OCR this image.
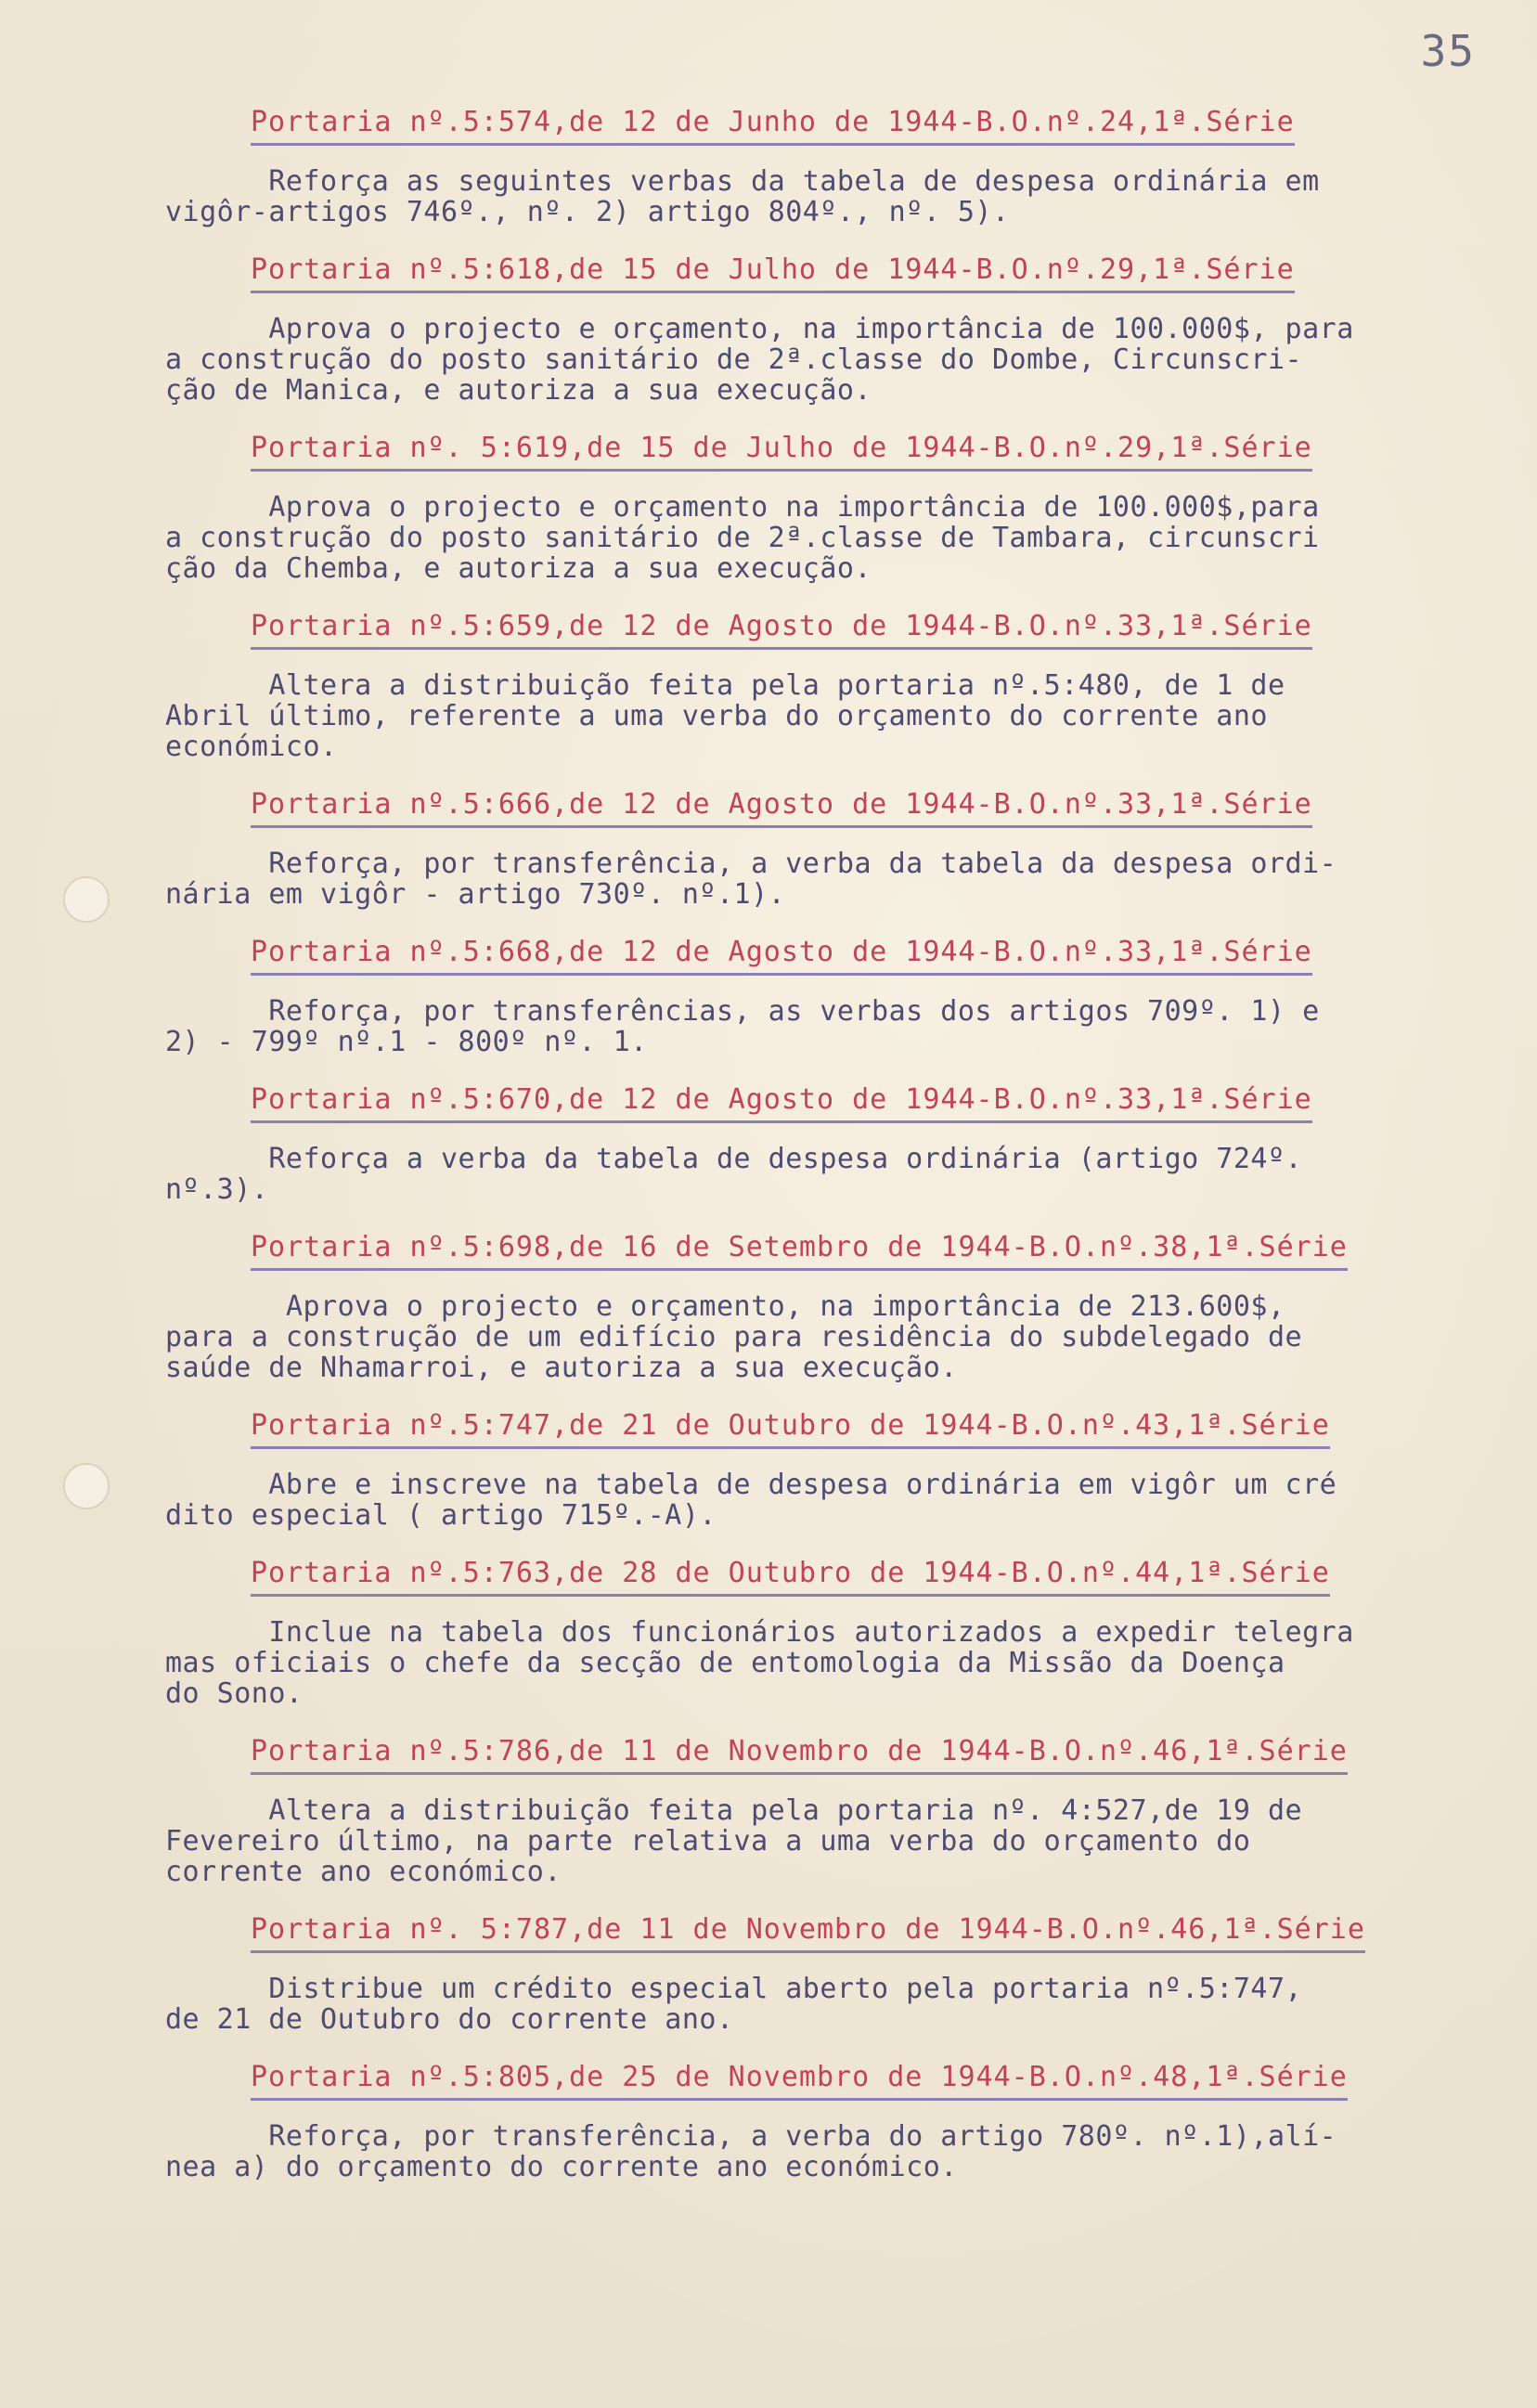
35
Portaria nº.5:574,de 12 de Junho de 1944-B.O.nº.24,1ª.Série
Reforça as seguintes verbas da tabela de despesa ordinária em
vigôr-artigos 746º., nº. 2) artigo 804º., nº. 5).
Portaria nº.5:618,de 15 de Julho de 1944-B.O.nº.29,1ª.Série
Aprova o projecto e orçamento, na importância de 100.000$, para
a construção do posto sanitário de 2ª.classe do Dombe, Circunscri-
ção de Manica, e autoriza a sua execução.
Portaria nº. 5:619,de 15 de Julho de 1944-B.O.nº.29,1ª.Série
Aprova o projecto e orçamento na importância de 100.000$,para
a construção do posto sanitário de 2ª.classe de Tambara, circunscri
ção da Chemba, e autoriza a sua execução.
Portaria nº.5:659,de 12 de Agosto de 1944-B.O.nº.33,1ª.Série
Altera a distribuição feita pela portaria nº.5:480, de 1 de
Abril último, referente a uma verba do orçamento do corrente ano
económico.
Portaria nº.5:666,de 12 de Agosto de 1944-B.O.nº.33,1ª.Série
Reforça, por transferência, a verba da tabela da despesa ordi-
nária em vigôr - artigo 730º. nº.1).
Portaria nº.5:668,de 12 de Agosto de 1944-B.O.nº.33,1ª.Série
Reforça, por transferências, as verbas dos artigos 709º. 1) e
2) - 799º nº.1 - 800º nº. 1.
Portaria nº.5:670,de 12 de Agosto de 1944-B.O.nº.33,1ª.Série
Reforça a verba da tabela de despesa ordinária (artigo 724º.
nº.3).
Portaria nº.5:698,de 16 de Setembro de 1944-B.O.nº.38,1ª.Série
Aprova o projecto e orçamento, na importância de 213.600$,
para a construção de um edifício para residência do subdelegado de
saúde de Nhamarroi, e autoriza a sua execução.
Portaria nº.5:747,de 21 de Outubro de 1944-B.O.nº.43,1ª.Série
Abre e inscreve na tabela de despesa ordinária em vigôr um cré
dito especial ( artigo 715º.-A).
Portaria nº.5:763,de 28 de Outubro de 1944-B.O.nº.44,1ª.Série
Inclue na tabela dos funcionários autorizados a expedir telegra
mas oficiais o chefe da secção de entomologia da Missão da Doença
do Sono.
Portaria nº.5:786,de 11 de Novembro de 1944-B.O.nº.46,1ª.Série
Altera a distribuição feita pela portaria nº. 4:527,de 19 de
Fevereiro último, na parte relativa a uma verba do orçamento do
corrente ano económico.
Portaria nº. 5:787,de 11 de Novembro de 1944-B.O.nº.46,1ª.Série
Distribue um crédito especial aberto pela portaria nº.5:747,
de 21 de Outubro do corrente ano.
Portaria nº.5:805,de 25 de Novembro de 1944-B.O.nº.48,1ª.Série
Reforça, por transferência, a verba do artigo 780º. nº.1),alí-
nea a) do orçamento do corrente ano económico.
